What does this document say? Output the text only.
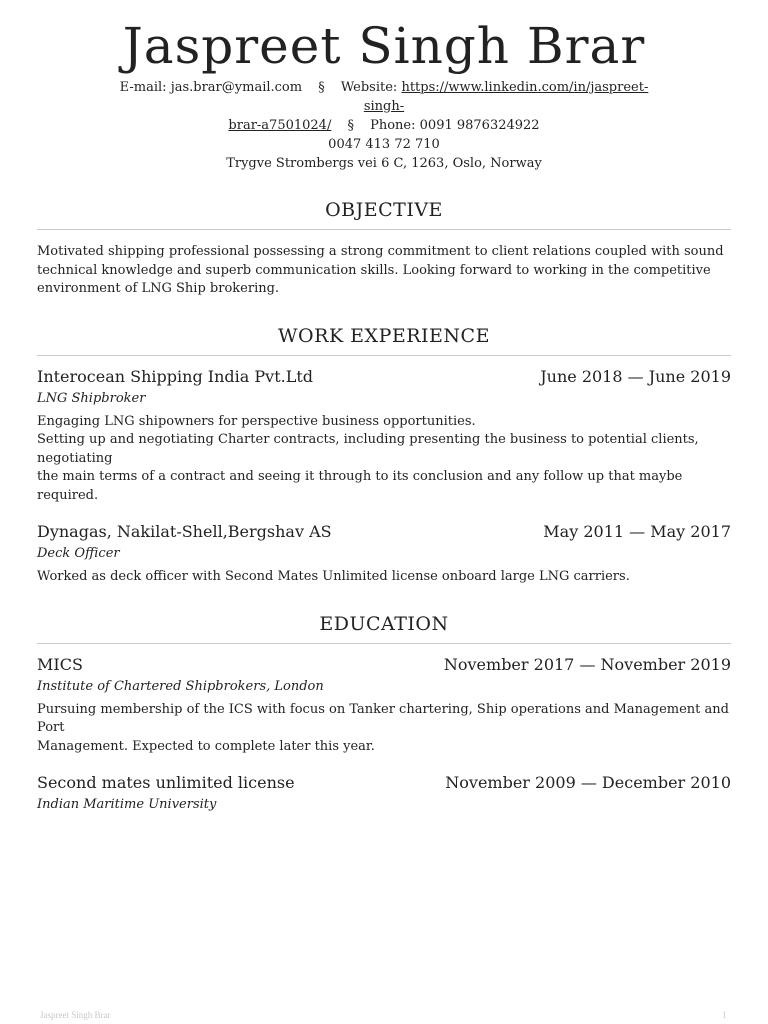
Jaspreet Singh Brar
E-mail: jas.brar@ymail.com § Website: https://www.linkedin.com/in/jaspreet-singh-
brar-a7501024/ § Phone: 0091 9876324922
0047 413 72 710
Trygve Strombergs vei 6 C, 1263, Oslo, Norway
OBJECTIVE
Motivated shipping professional possessing a strong commitment to client relations coupled with sound
technical knowledge and superb communication skills. Looking forward to working in the competitive
environment of LNG Ship brokering.
WORK EXPERIENCE
Interocean Shipping India Pvt.Ltd	June 2018 — June 2019
LNG Shipbroker
Engaging LNG shipowners for perspective business opportunities.
Setting up and negotiating Charter contracts, including presenting the business to potential clients, negotiating
the main terms of a contract and seeing it through to its conclusion and any follow up that maybe required.
Dynagas, Nakilat-Shell,Bergshav AS	May 2011 — May 2017
Deck Officer
Worked as deck officer with Second Mates Unlimited license onboard large LNG carriers.
EDUCATION
MICS	November 2017 — November 2019
Institute of Chartered Shipbrokers, London
Pursuing membership of the ICS with focus on Tanker chartering, Ship operations and Management and Port
Management. Expected to complete later this year.
Second mates unlimited license	November 2009 — December 2010
Indian Maritime University
Jaspreet Singh Brar	1
